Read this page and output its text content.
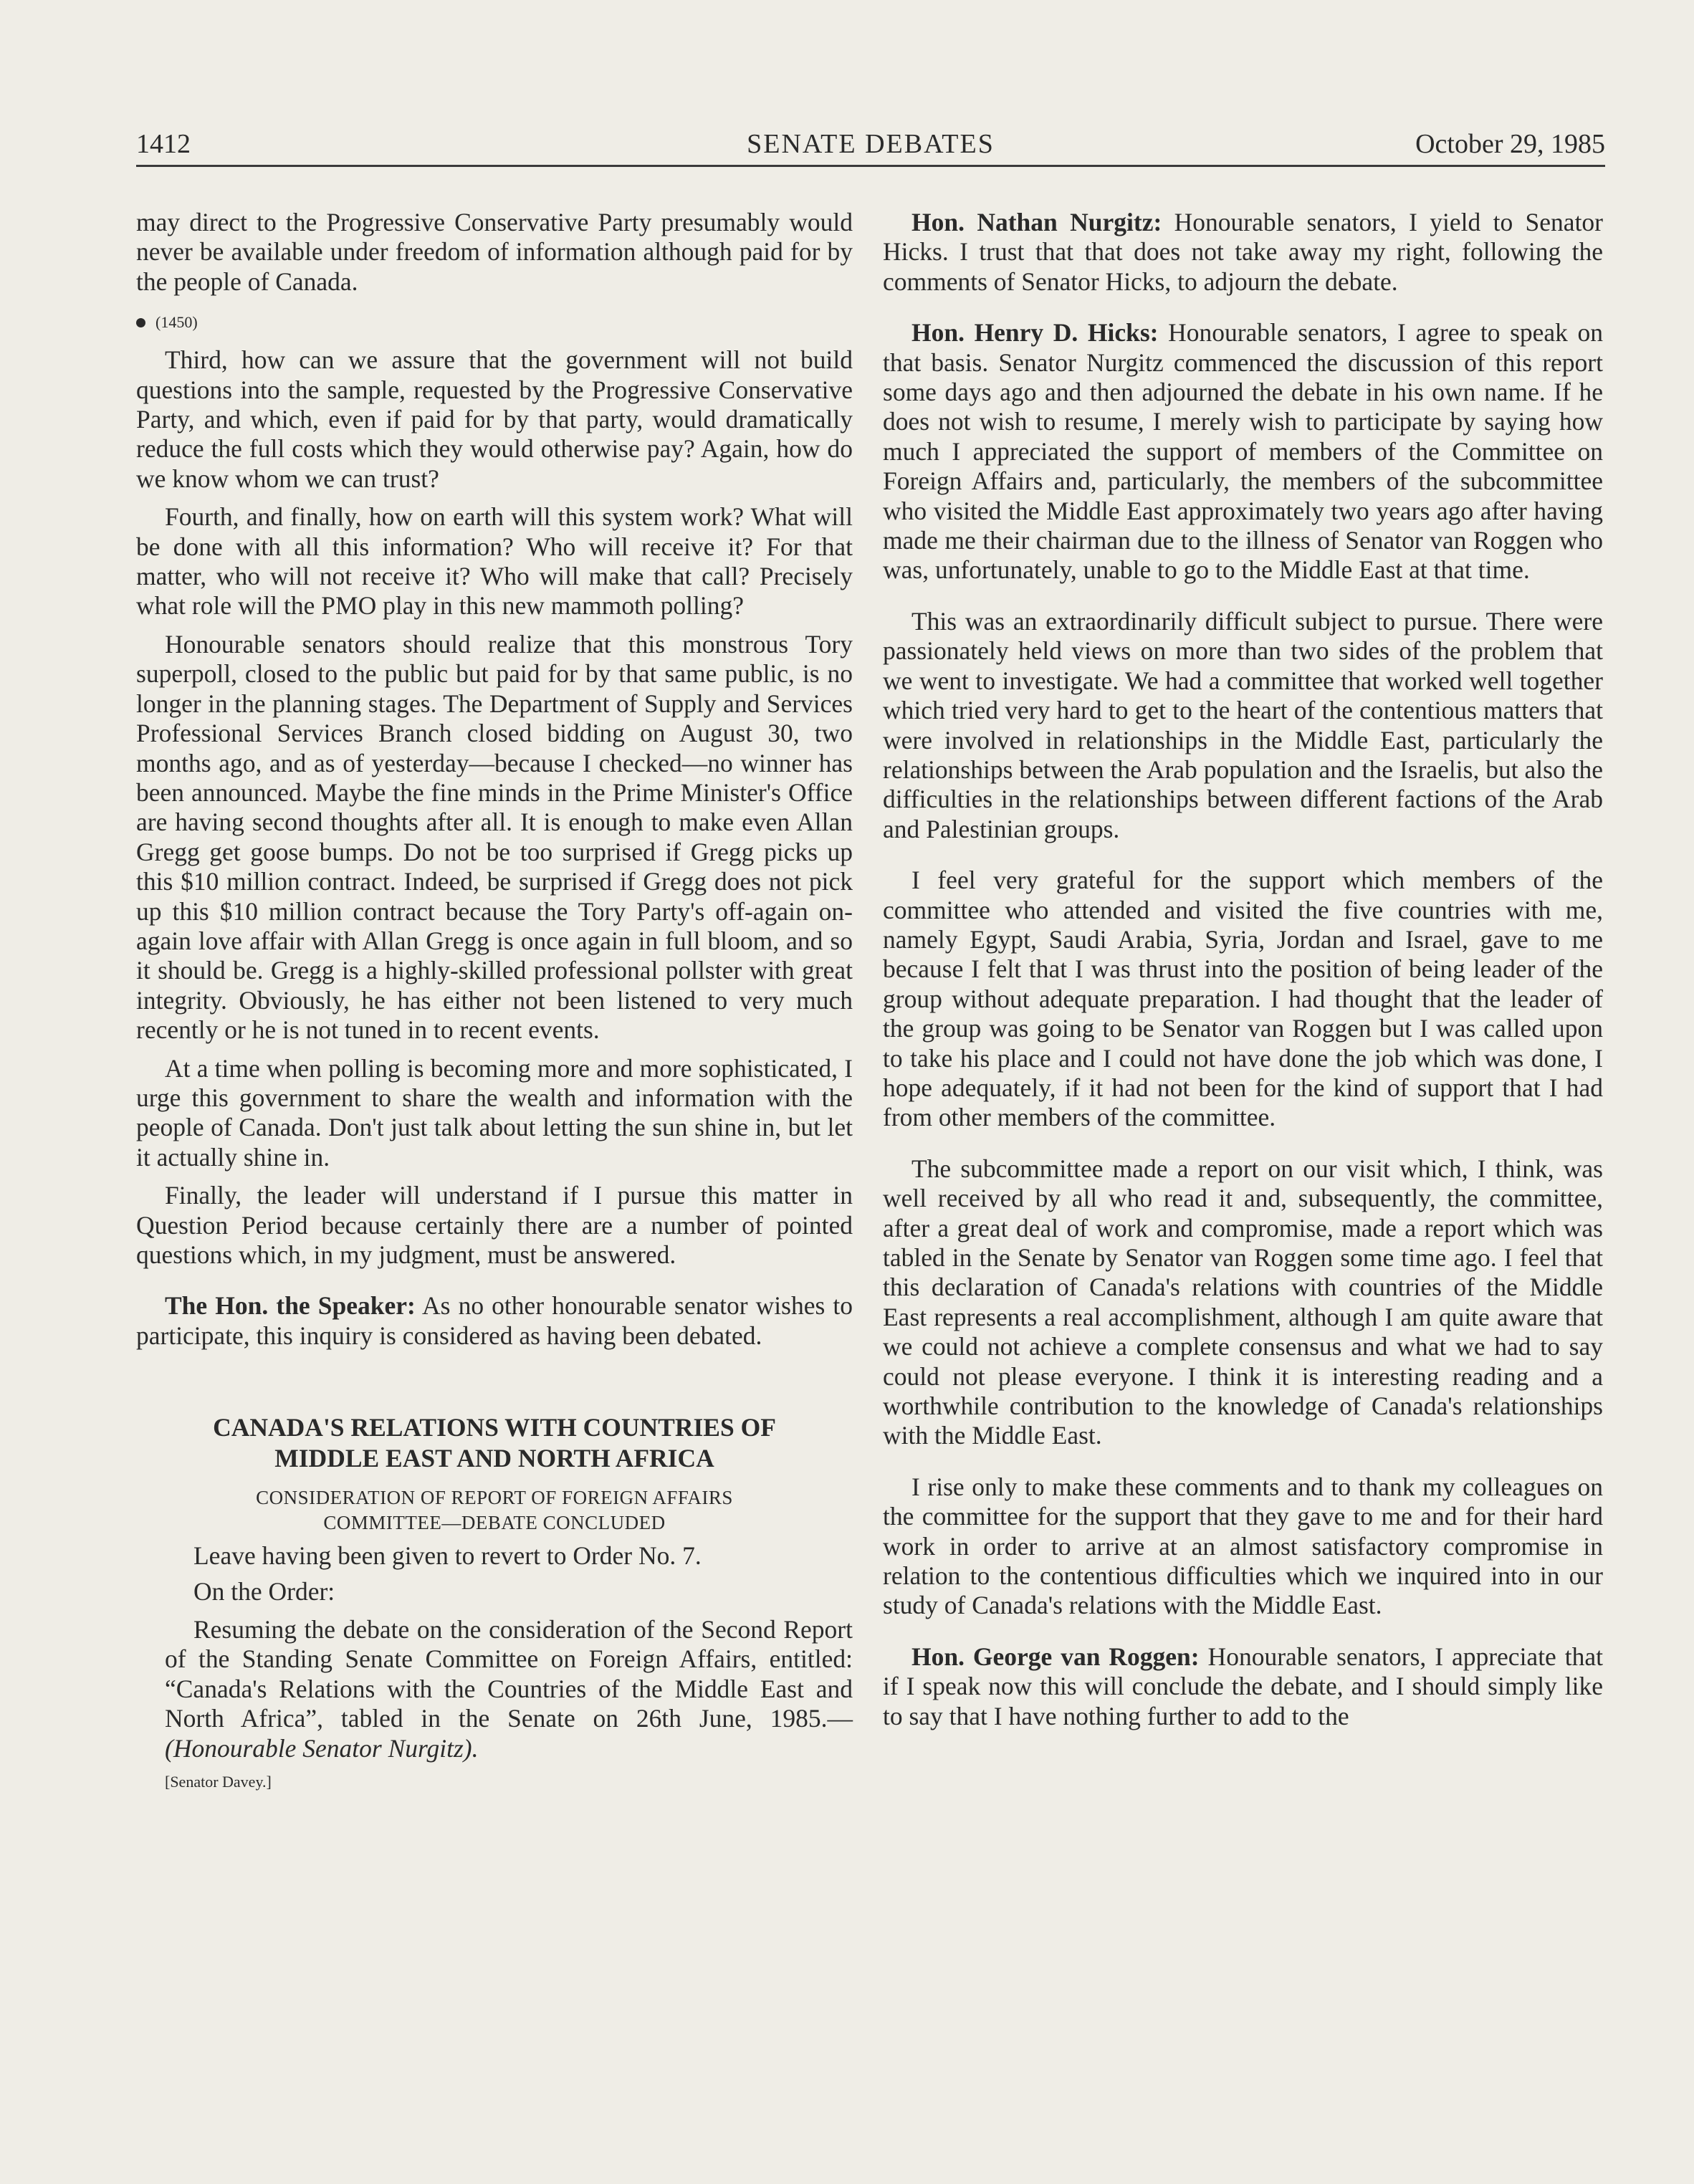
1412	SENATE DEBATES	October 29, 1985

may direct to the Progressive Conservative Party presumably would never be available under freedom of information although paid for by the people of Canada.

(1450)

Third, how can we assure that the government will not build questions into the sample, requested by the Progressive Conservative Party, and which, even if paid for by that party, would dramatically reduce the full costs which they would otherwise pay? Again, how do we know whom we can trust?

Fourth, and finally, how on earth will this system work? What will be done with all this information? Who will receive it? For that matter, who will not receive it? Who will make that call? Precisely what role will the PMO play in this new mammoth polling?

Honourable senators should realize that this monstrous Tory superpoll, closed to the public but paid for by that same public, is no longer in the planning stages. The Department of Supply and Services Professional Services Branch closed bidding on August 30, two months ago, and as of yesterday—because I checked—no winner has been announced. Maybe the fine minds in the Prime Minister's Office are having second thoughts after all. It is enough to make even Allan Gregg get goose bumps. Do not be too surprised if Gregg picks up this $10 million contract. Indeed, be surprised if Gregg does not pick up this $10 million contract because the Tory Party's off-again on-again love affair with Allan Gregg is once again in full bloom, and so it should be. Gregg is a highly-skilled professional pollster with great integrity. Obviously, he has either not been listened to very much recently or he is not tuned in to recent events.

At a time when polling is becoming more and more sophisticated, I urge this government to share the wealth and information with the people of Canada. Don't just talk about letting the sun shine in, but let it actually shine in.

Finally, the leader will understand if I pursue this matter in Question Period because certainly there are a number of pointed questions which, in my judgment, must be answered.

The Hon. the Speaker: As no other honourable senator wishes to participate, this inquiry is considered as having been debated.

CANADA'S RELATIONS WITH COUNTRIES OF
MIDDLE EAST AND NORTH AFRICA
CONSIDERATION OF REPORT OF FOREIGN AFFAIRS
COMMITTEE—DEBATE CONCLUDED

Leave having been given to revert to Order No. 7.

On the Order:

Resuming the debate on the consideration of the Second Report of the Standing Senate Committee on Foreign Affairs, entitled: “Canada's Relations with the Countries of the Middle East and North Africa”, tabled in the Senate on 26th June, 1985.—(Honourable Senator Nurgitz).

[Senator Davey.]

Hon. Nathan Nurgitz: Honourable senators, I yield to Senator Hicks. I trust that that does not take away my right, following the comments of Senator Hicks, to adjourn the debate.

Hon. Henry D. Hicks: Honourable senators, I agree to speak on that basis. Senator Nurgitz commenced the discussion of this report some days ago and then adjourned the debate in his own name. If he does not wish to resume, I merely wish to participate by saying how much I appreciated the support of members of the Committee on Foreign Affairs and, particularly, the members of the subcommittee who visited the Middle East approximately two years ago after having made me their chairman due to the illness of Senator van Roggen who was, unfortunately, unable to go to the Middle East at that time.

This was an extraordinarily difficult subject to pursue. There were passionately held views on more than two sides of the problem that we went to investigate. We had a committee that worked well together which tried very hard to get to the heart of the contentious matters that were involved in relationships in the Middle East, particularly the relationships between the Arab population and the Israelis, but also the difficulties in the relationships between different factions of the Arab and Palestinian groups.

I feel very grateful for the support which members of the committee who attended and visited the five countries with me, namely Egypt, Saudi Arabia, Syria, Jordan and Israel, gave to me because I felt that I was thrust into the position of being leader of the group without adequate preparation. I had thought that the leader of the group was going to be Senator van Roggen but I was called upon to take his place and I could not have done the job which was done, I hope adequately, if it had not been for the kind of support that I had from other members of the committee.

The subcommittee made a report on our visit which, I think, was well received by all who read it and, subsequently, the committee, after a great deal of work and compromise, made a report which was tabled in the Senate by Senator van Roggen some time ago. I feel that this declaration of Canada's relations with countries of the Middle East represents a real accomplishment, although I am quite aware that we could not achieve a complete consensus and what we had to say could not please everyone. I think it is interesting reading and a worthwhile contribution to the knowledge of Canada's relationships with the Middle East.

I rise only to make these comments and to thank my colleagues on the committee for the support that they gave to me and for their hard work in order to arrive at an almost satisfactory compromise in relation to the contentious difficulties which we inquired into in our study of Canada's relations with the Middle East.

Hon. George van Roggen: Honourable senators, I appreciate that if I speak now this will conclude the debate, and I should simply like to say that I have nothing further to add to the
